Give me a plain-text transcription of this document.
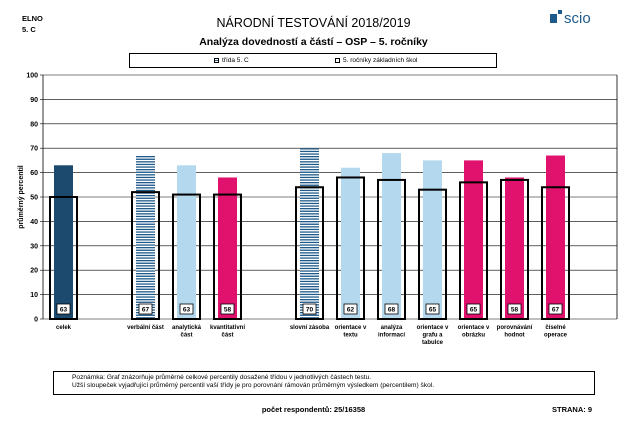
ELNO
5. C	NÁRODNÍ TESTOVÁNÍ 2018/2019
Analýza dovedností a částí – OSP – 5. ročníky
scio
třída 5. C	5. ročníky základních škol
0
10
20
30
40
50
60
70
80
90
100
průměrný percentil
63
celek
67
verbální část
63
analytická
část
58
kvantitativní
část
70
slovní zásoba
62
orientace v
textu
68
analýza
informací
65
orientace v
grafu a
tabulce
65
orientace v
obrázku
58
porovnávání
hodnot
67
číselné
operace
Poznámka: Graf znázorňuje průměrné celkové percentily dosažené třídou v jednotlivých částech testu.
Užší sloupeček vyjadřující průměrný percentil vaší třídy je pro porovnání rámován průměrným výsledkem (percentilem) škol.
počet respondentů: 25/16358	STRANA: 9
